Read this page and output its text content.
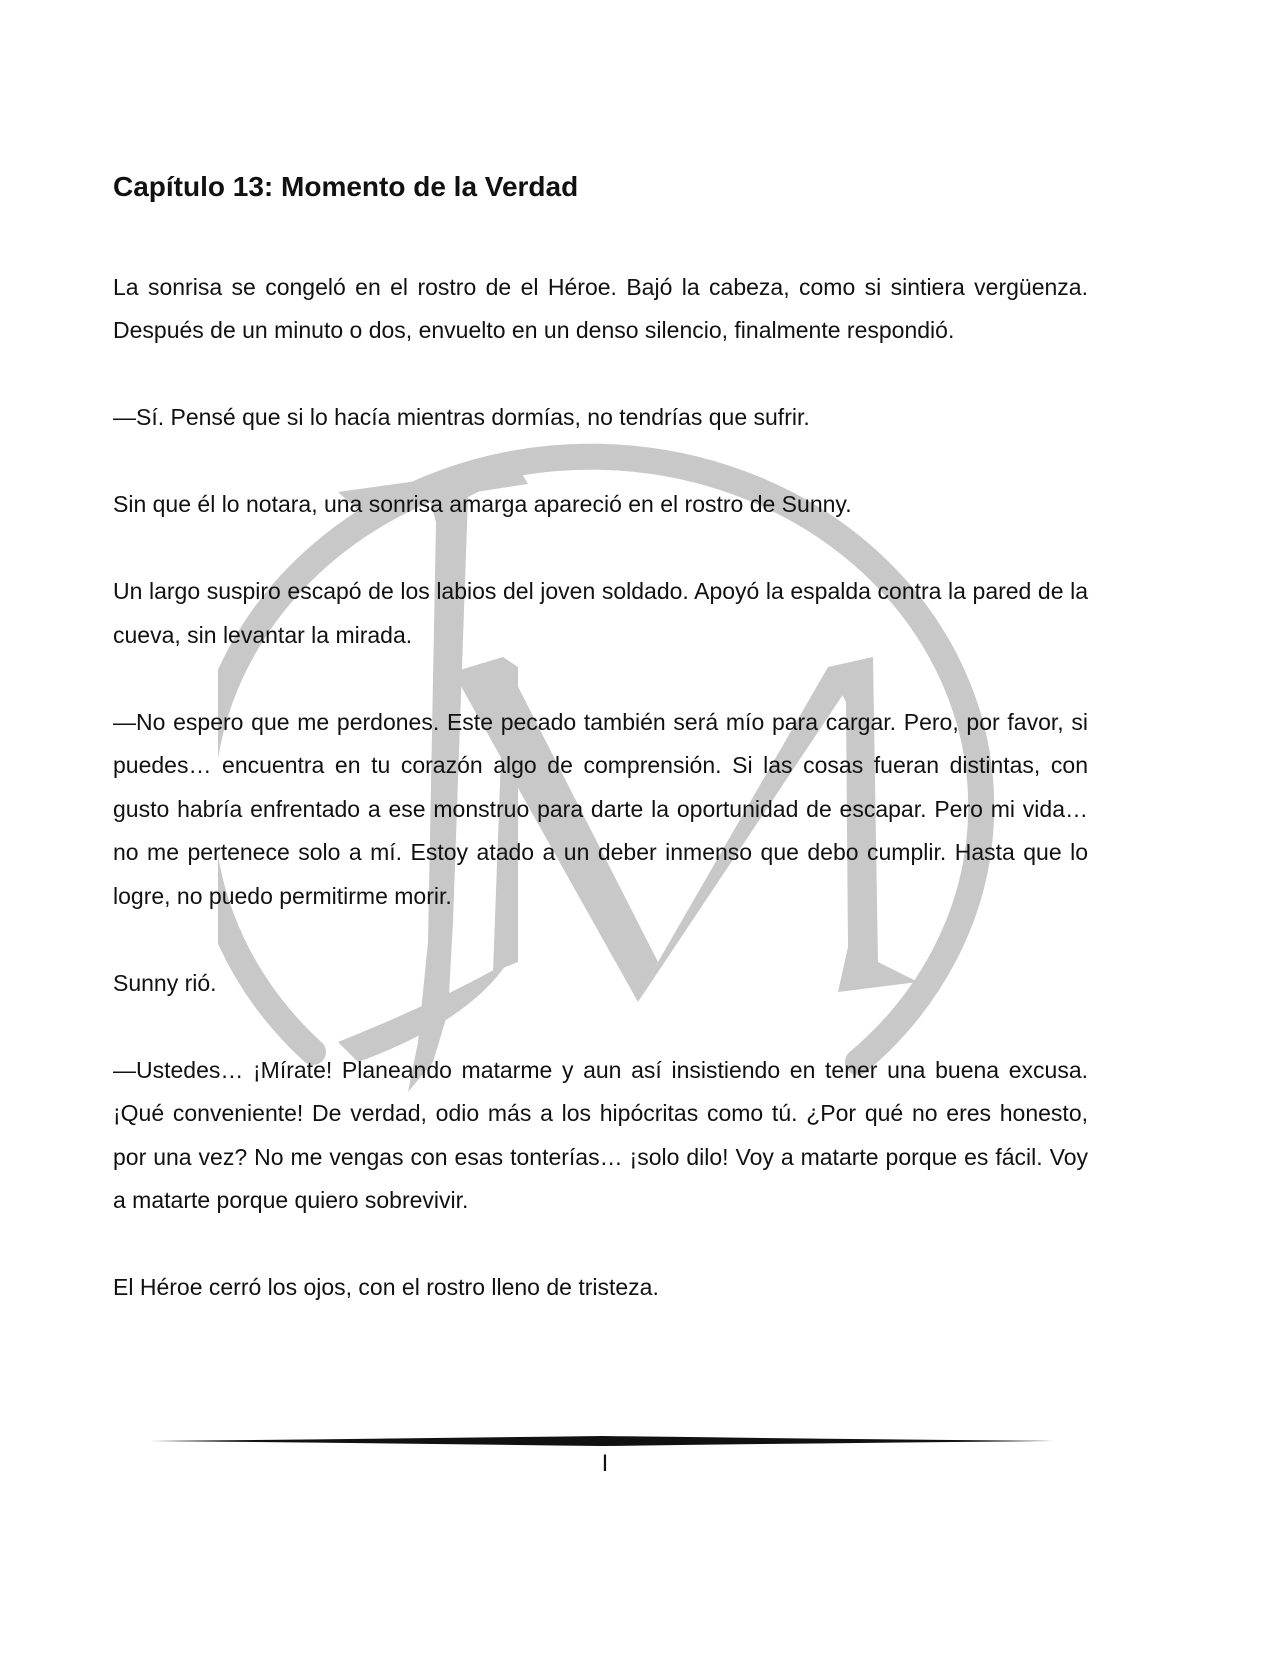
Capítulo 13: Momento de la Verdad

La sonrisa se congeló en el rostro de el Héroe. Bajó la cabeza, como si sintiera vergüenza. Después de un minuto o dos, envuelto en un denso silencio, finalmente respondió.

—Sí. Pensé que si lo hacía mientras dormías, no tendrías que sufrir.

Sin que él lo notara, una sonrisa amarga apareció en el rostro de Sunny.

Un largo suspiro escapó de los labios del joven soldado. Apoyó la espalda contra la pared de la cueva, sin levantar la mirada.

—No espero que me perdones. Este pecado también será mío para cargar. Pero, por favor, si puedes… encuentra en tu corazón algo de comprensión. Si las cosas fueran distintas, con gusto habría enfrentado a ese monstruo para darte la oportunidad de escapar. Pero mi vida… no me pertenece solo a mí. Estoy atado a un deber inmenso que debo cumplir. Hasta que lo logre, no puedo permitirme morir.

Sunny rió.

—Ustedes… ¡Mírate! Planeando matarme y aun así insistiendo en tener una buena excusa. ¡Qué conveniente! De verdad, odio más a los hipócritas como tú. ¿Por qué no eres honesto, por una vez? No me vengas con esas tonterías… ¡solo dilo! Voy a matarte porque es fácil. Voy a matarte porque quiero sobrevivir.

El Héroe cerró los ojos, con el rostro lleno de tristeza.

I
